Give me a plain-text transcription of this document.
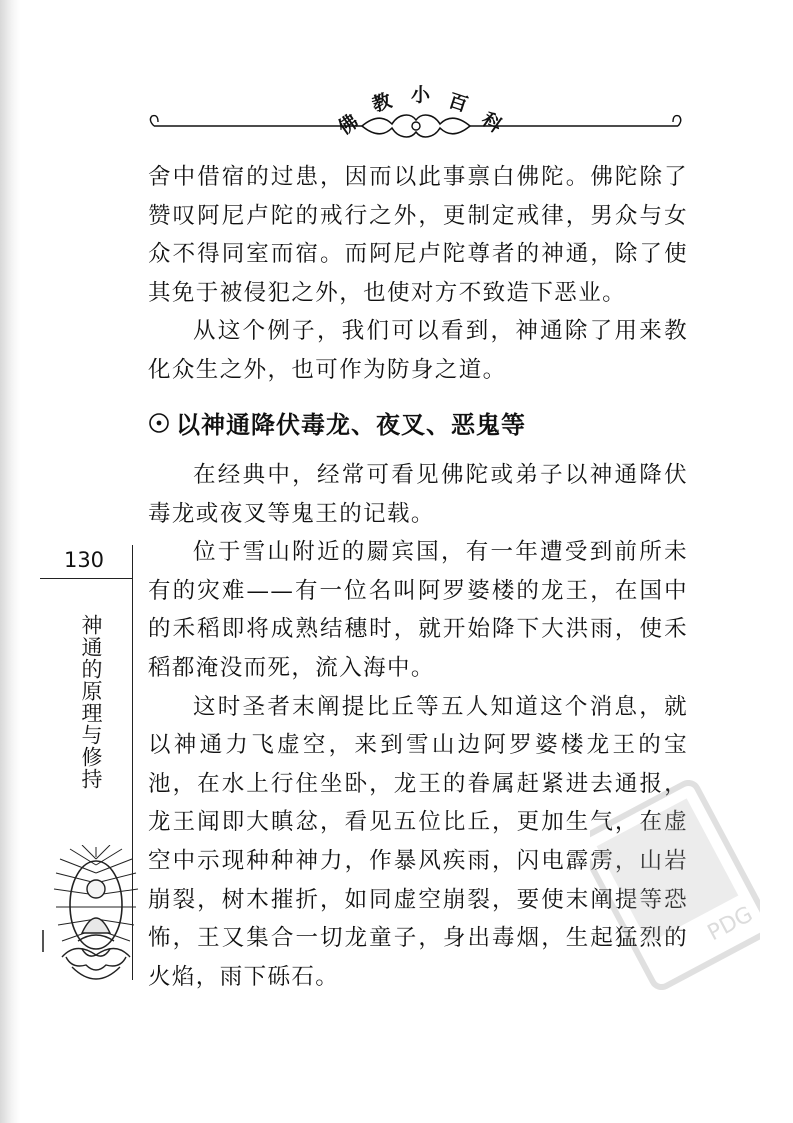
佛
教 小 百
科

舍中借宿的过患，因而以此事禀白佛陀。佛陀除了赞叹阿尼卢陀的戒行之外，更制定戒律，男众与女众不得同室而宿。而阿尼卢陀尊者的神通，除了使其免于被侵犯之外，也使对方不致造下恶业。

从这个例子，我们可以看到，神通除了用来教化众生之外，也可作为防身之道。

以神通降伏毒龙、夜叉、恶鬼等

在经典中，经常可看见佛陀或弟子以神通降伏毒龙或夜叉等鬼王的记载。

位于雪山附近的罽宾国，有一年遭受到前所未有的灾难——有一位名叫阿罗婆楼的龙王，在国中的禾稻即将成熟结穗时，就开始降下大洪雨，使禾稻都淹没而死，流入海中。

这时圣者末阐提比丘等五人知道这个消息，就以神通力飞虚空，来到雪山边阿罗婆楼龙王的宝池，在水上行住坐卧，龙王的眷属赶紧进去通报，龙王闻即大瞋忿，看见五位比丘，更加生气，在虚空中示现种种神力，作暴风疾雨，闪电霹雳，山岩崩裂，树木摧折，如同虚空崩裂，要使末阐提等恐怖，王又集合一切龙童子，身出毒烟，生起猛烈的火焰，雨下砾石。

130
神通的原理与修持
PDG
